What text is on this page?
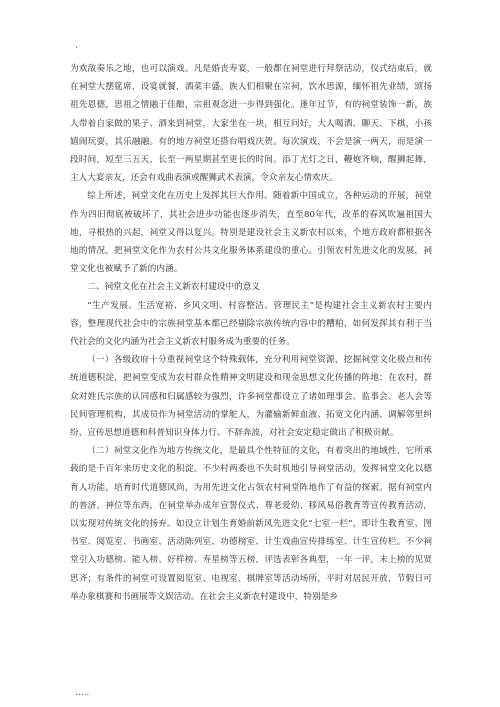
.

为欢敌奏乐之地，也可以演戏。凡是婚丧寿宴，一般都在祠堂进行拜祭活动，仪式结束后，就在祠堂大摆筵席，设宴就餐，酒菜丰盛。族人们相聚在宗祠，饮水思源，缅怀祖先业绩，颂扬祖先恩德，思祖之情融于佳酿，宗祖观念进一步得到强化。逢年过节，有的祠堂装饰一新，族人带着自家做的果子、酒来到祠堂，大家坐在一块，相互问好，大人喝酒、聊天、下棋，小孩嬉闹玩耍，其乐融融。有的地方祠堂还搭台唱戏庆贺。每次演戏，不会是演一两天，而是演一段时间，短至三五天，长至一两星期甚至更长的时间。添丁尤灯之日，鞭炮齐响，醒狮起舞，主人大宴亲友，还会有戏曲表演或醒狮武术表演，令众亲友心情欢庆。

综上所述，祠堂文化在历史上发挥其巨大作用。随着新中国成立，各种运动的开展，祠堂作为四旧彻底被破坏了，其社会进步功能也逐步消失，直至80年代，改革的春风吹遍祖国大地，寻根热的兴起，祠堂又得以复兴。特别是建设社会主义新农村以来，个地方政府都根据各地的情况，把祠堂文化作为农村公共文化服务体系建设的重心。引领农村先进文化的发展，祠堂文化也被赋予了新的内涵。

二、祠堂文化在社会主义新农村建设中的意义

“生产发展、生活宽裕、乡风文明、村容整洁、管理民主”是构建社会主义新农村主要内容，整理现代社会中的宗族祠堂基本都已经剔除宗族传统内容中的糟粕，如何发挥其有利于当代社会的文化内涵为社会主义新农村服务成为重要的任务。

（一）各级政府十分重视祠堂这个特殊载体，充分利用祠堂资源，挖掘祠堂文化极点和传统道德积淀，把祠堂变成为农村群众性精神文明建设和现金思想文化传播的阵地：在农村，群众对姓氏宗族的认同感和归属感较为强烈，许多祠堂都设立了诸如理事会、监事会、老人会等民间管理机构，其成员作为祠堂活动的掌舵人，为灌输新鲜血液、拓宽文化内涵、调解邻里纠纷、宣传思想道德和科普知识身体力行、不辞奔波，对社会安定稳定做出了积极贡献。

（二）祠堂文化作为地方传统文化，是最具个性特征的文化，有着突出的地域性，它所承载的是千百年来历史文化的积淀。不少村两委也不失时机地引导祠堂活动，发挥祠堂文化以德育人功能，培育时代道德风尚，为用先进文化占领农村祠堂阵地作了有益的探索。据有祠堂内的普济、神位等东西，在祠堂举办成年宣誓仪式、尊老爱幼、移风易俗教育等宣传教育活动，以实现对传统文化的扬弃。如设立计划生育婚前新风先进文化“七室一栏”，即计生教育室、图书室、阅览室、书画室、活动陈列室、功德榜室、计生戏曲宣传排练室、计生宣传栏。不少祠堂引入功德榜、能人榜、好样榜、寿星榜等五榜，评选表彰各典型，一年一评，未上榜的见贤思齐；有条件的祠堂可设置阅览室、电视室、棋牌室等活动场所，平时对居民开放，节假日可举办象棋赛和书画展等文娱活动。在社会主义新农村建设中，特别是乡

.....
